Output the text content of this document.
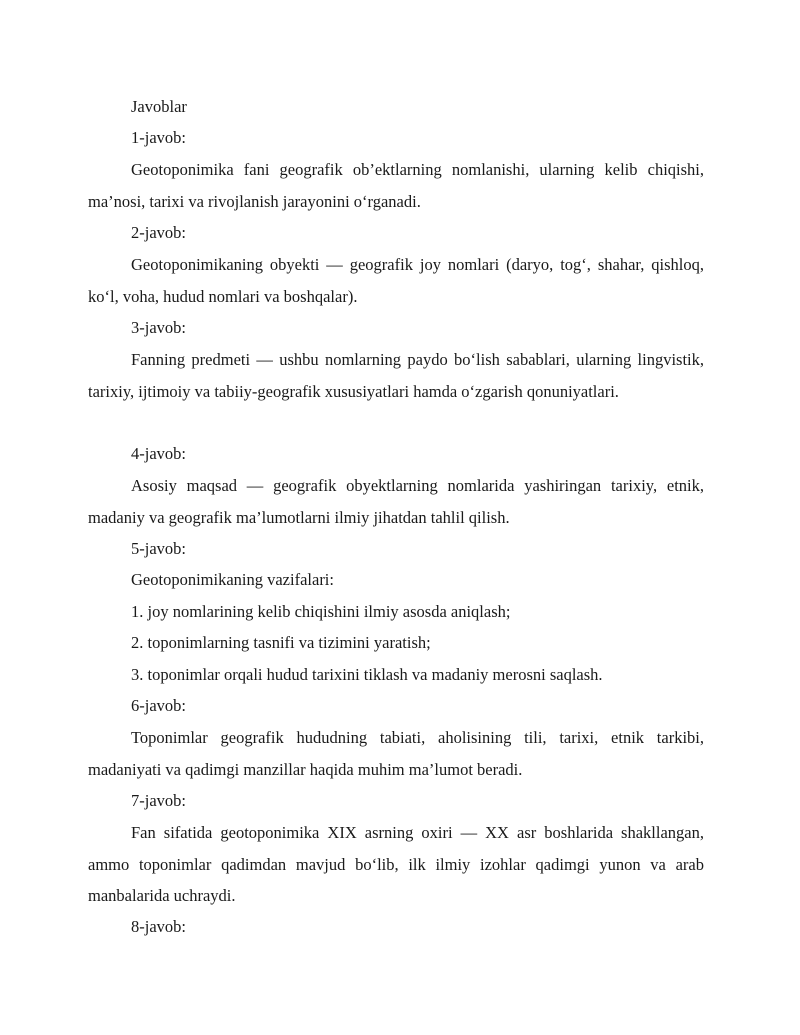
Javoblar

1-javob:

Geotoponimika fani geografik ob’ektlarning nomlanishi, ularning kelib chiqishi, ma’nosi, tarixi va rivojlanish jarayonini o‘rganadi.

2-javob:

Geotoponimikaning obyekti — geografik joy nomlari (daryo, tog‘, shahar, qishloq, ko‘l, voha, hudud nomlari va boshqalar).

3-javob:

Fanning predmeti — ushbu nomlarning paydo bo‘lish sabablari, ularning lingvistik, tarixiy, ijtimoiy va tabiiy-geografik xususiyatlari hamda o‘zgarish qonuniyatlari.

4-javob:

Asosiy maqsad — geografik obyektlarning nomlarida yashiringan tarixiy, etnik, madaniy va geografik ma’lumotlarni ilmiy jihatdan tahlil qilish.

5-javob:

Geotoponimikaning vazifalari:

1. joy nomlarining kelib chiqishini ilmiy asosda aniqlash;

2. toponimlarning tasnifi va tizimini yaratish;

3. toponimlar orqali hudud tarixini tiklash va madaniy merosni saqlash.

6-javob:

Toponimlar geografik hududning tabiati, aholisining tili, tarixi, etnik tarkibi, madaniyati va qadimgi manzillar haqida muhim ma’lumot beradi.

7-javob:

Fan sifatida geotoponimika XIX asrning oxiri — XX asr boshlarida shakllangan, ammo toponimlar qadimdan mavjud bo‘lib, ilk ilmiy izohlar qadimgi yunon va arab manbalarida uchraydi.

8-javob:
